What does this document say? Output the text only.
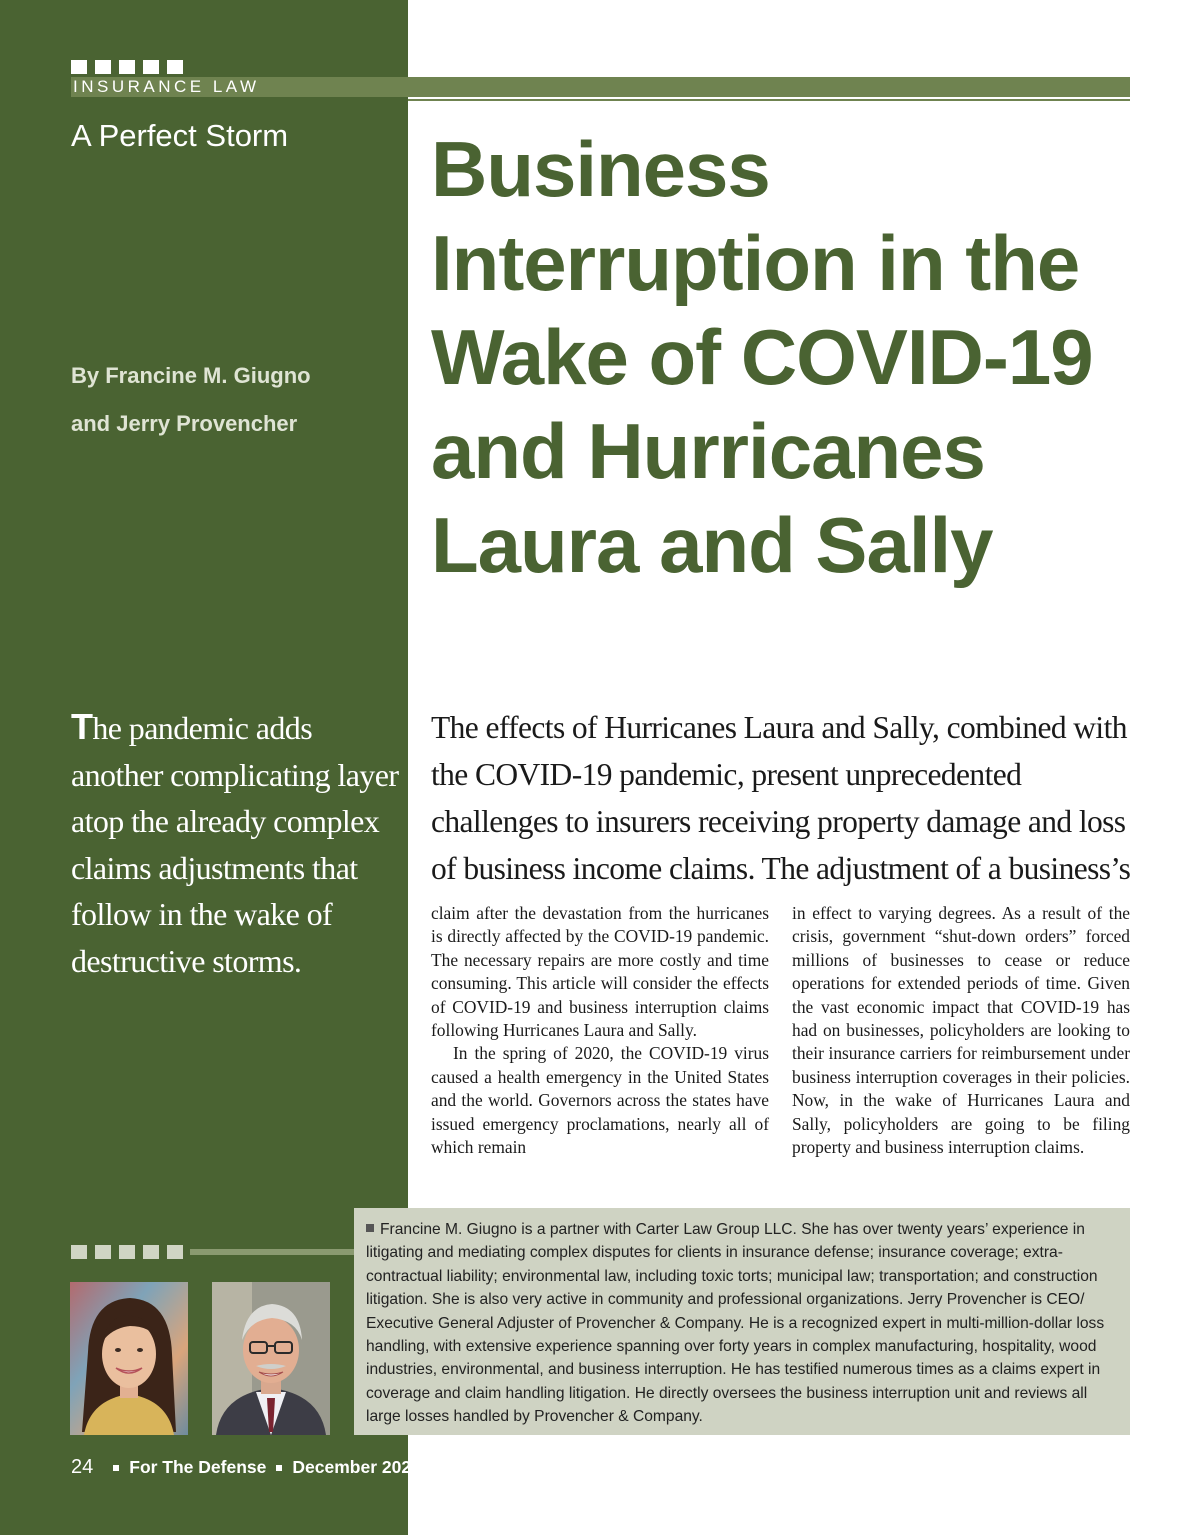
INSURANCE LAW
A Perfect Storm
By Francine M. Giugno
and Jerry Provencher
Business Interruption in the Wake of COVID-19 and Hurricanes Laura and Sally

The pandemic adds another complicating layer atop the already complex claims adjustments that follow in the wake of destructive storms.

The effects of Hurricanes Laura and Sally, combined with the COVID-19 pandemic, present unprecedented challenges to insurers receiving property damage and loss of business income claims. The adjustment of a business’s

claim after the devastation from the hurricanes is directly affected by the COVID-19 pandemic. The necessary repairs are more costly and time consuming. This article will consider the effects of COVID-19 and business interruption claims following Hurricanes Laura and Sally.

In the spring of 2020, the COVID-19 virus caused a health emergency in the United States and the world. Governors across the states have issued emergency proclamations, nearly all of which remain

in effect to varying degrees. As a result of the crisis, government “shut-down orders” forced millions of businesses to cease or reduce operations for extended periods of time. Given the vast economic impact that COVID-19 has had on businesses, policyholders are looking to their insurance carriers for reimbursement under business interruption coverages in their policies. Now, in the wake of Hurricanes Laura and Sally, policyholders are going to be filing property and business interruption claims.

Francine M. Giugno is a partner with Carter Law Group LLC. She has over twenty years’ experience in litigating and mediating complex disputes for clients in insurance defense; insurance coverage; extra-contractual liability; environmental law, including toxic torts; municipal law; transportation; and construction litigation. She is also very active in community and professional organizations. Jerry Provencher is CEO/ Executive General Adjuster of Provencher & Company. He is a recognized expert in multi-million-dollar loss handling, with extensive experience spanning over forty years in complex manufacturing, hospitality, wood industries, environmental, and business interruption. He has testified numerous times as a claims expert in coverage and claim handling litigation. He directly oversees the business interruption unit and reviews all large losses handled by Provencher & Company.
24 For The Defense December 2020
